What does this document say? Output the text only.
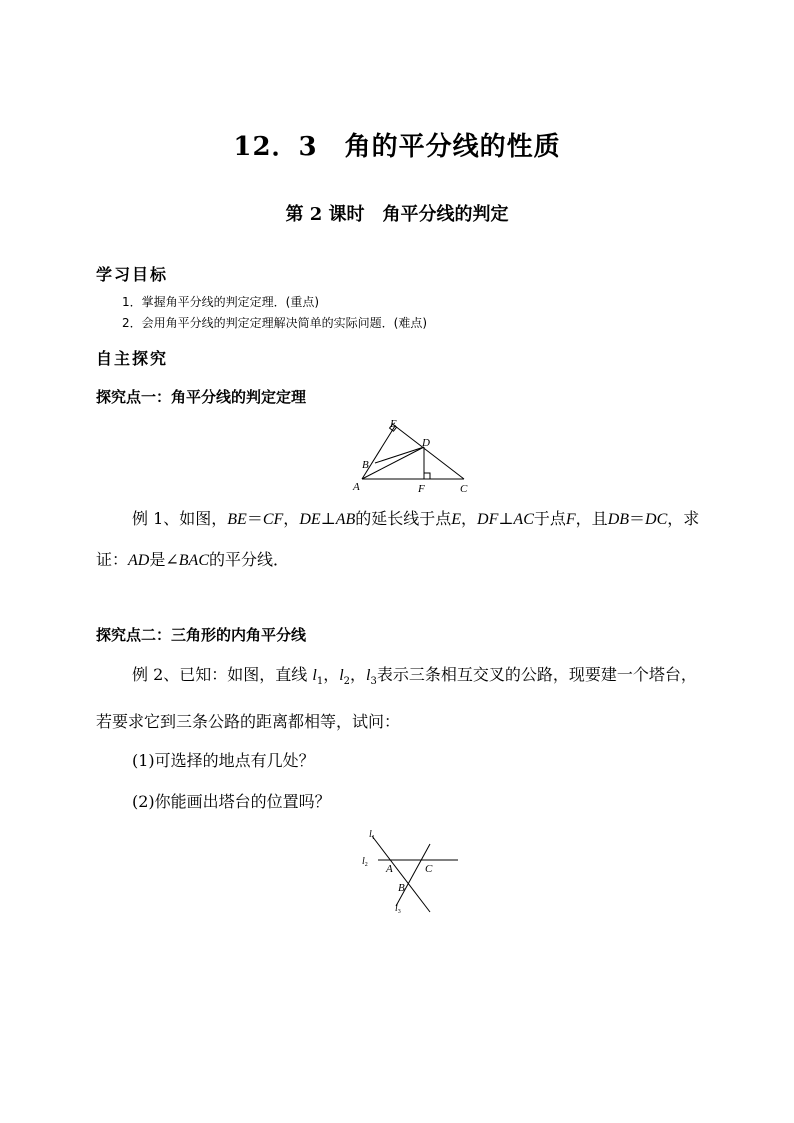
12．3　角的平分线的性质
第 2 课时　角平分线的判定
学习目标
1．掌握角平分线的判定定理．(重点)
2．会用角平分线的判定定理解决简单的实际问题．(难点)
自主探究
探究点一：角平分线的判定定理
E
D
B
A	F	C
例 1、如图，BE＝CF，DE⊥AB的延长线于点E，DF⊥AC于点F，且DB＝DC，求证：AD是∠BAC的平分线．
探究点二：三角形的内角平分线
例 2、已知：如图，直线 $l_1$，$l_2$，$l_3$表示三条相互交叉的公路，现要建一个塔台，若要求它到三条公路的距离都相等，试问：
(1)可选择的地点有几处？
(2)你能画出塔台的位置吗？
$l_1$
$l_2$
$l_3$
A
B
C
